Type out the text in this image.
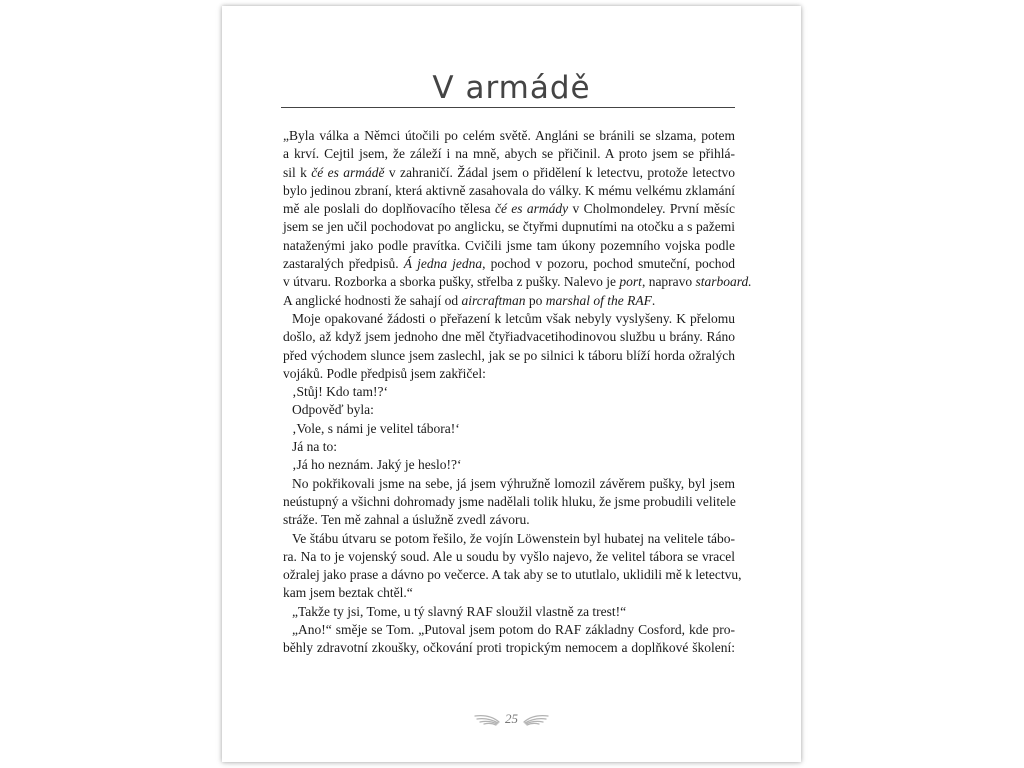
V armádě
„Byla válka a Němci útočili po celém světě. Angláni se bránili se slzama, potem
a krví. Cejtil jsem, že záleží i na mně, abych se přičinil. A proto jsem se přihlá-
sil k čé es armádě v zahraničí. Žádal jsem o přidělení k letectvu, protože letectvo
bylo jedinou zbraní, která aktivně zasahovala do války. K mému velkému zklamání
mě ale poslali do doplňovacího tělesa čé es armády v Cholmondeley. První měsíc
jsem se jen učil pochodovat po anglicku, se čtyřmi dupnutími na otočku a s pažemi
nataženými jako podle pravítka. Cvičili jsme tam úkony pozemního vojska podle
zastaralých předpisů. Á jedna jedna, pochod v pozoru, pochod smuteční, pochod
v útvaru. Rozborka a sborka pušky, střelba z pušky. Nalevo je port, napravo starboard.
A anglické hodnosti že sahají od aircraftman po marshal of the RAF.
Moje opakované žádosti o přeřazení k letcům však nebyly vyslyšeny. K přelomu
došlo, až když jsem jednoho dne měl čtyřiadvacetihodinovou službu u brány. Ráno
před východem slunce jsem zaslechl, jak se po silnici k táboru blíží horda ožralých
vojáků. Podle předpisů jsem zakřičel:
‚Stůj! Kdo tam!?‘
Odpověď byla:
‚Vole, s námi je velitel tábora!‘
Já na to:
‚Já ho neznám. Jaký je heslo!?‘
No pokřikovali jsme na sebe, já jsem výhružně lomozil závěrem pušky, byl jsem
neústupný a všichni dohromady jsme nadělali tolik hluku, že jsme probudili velitele
stráže. Ten mě zahnal a úslužně zvedl závoru.
Ve štábu útvaru se potom řešilo, že vojín Löwenstein byl hubatej na velitele tábo-
ra. Na to je vojenský soud. Ale u soudu by vyšlo najevo, že velitel tábora se vracel
ožralej jako prase a dávno po večerce. A tak aby se to ututlalo, uklidili mě k letectvu,
kam jsem beztak chtěl.“
„Takže ty jsi, Tome, u tý slavný RAF sloužil vlastně za trest!“
„Ano!“ směje se Tom. „Putoval jsem potom do RAF základny Cosford, kde pro-
běhly zdravotní zkoušky, očkování proti tropickým nemocem a doplňkové školení:
25
